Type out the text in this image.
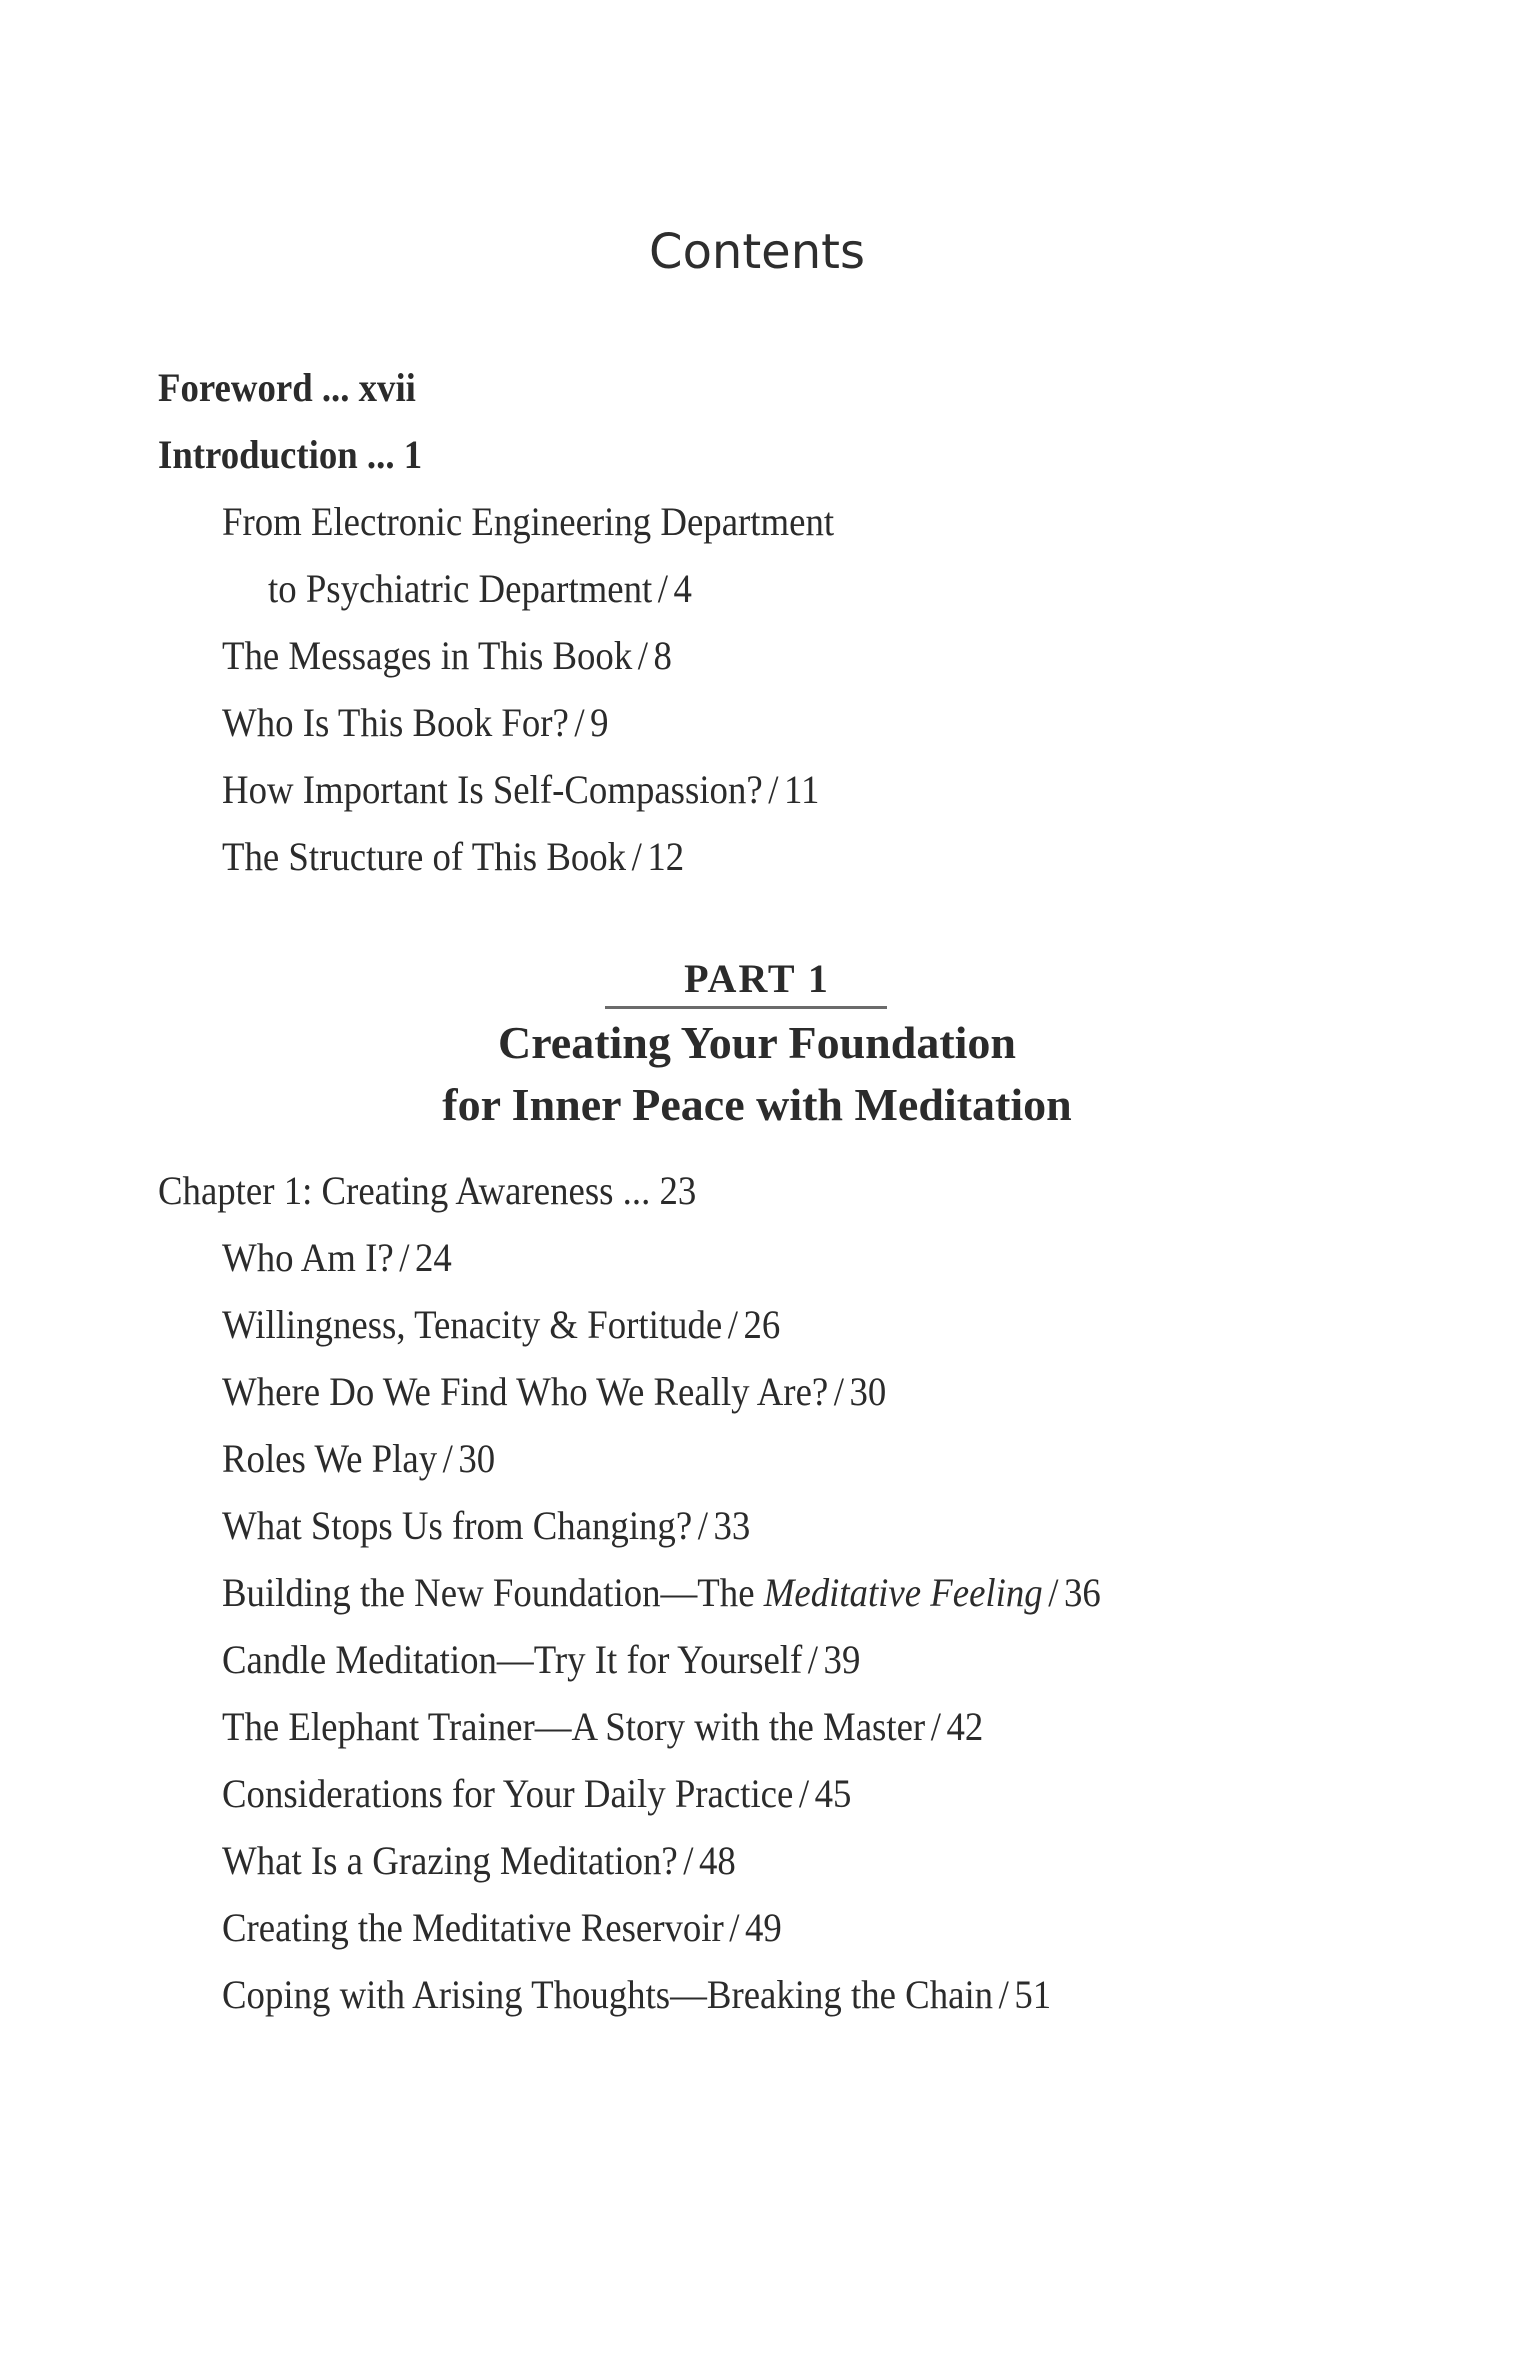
Contents
Foreword ... xvii
Introduction ... 1
From Electronic Engineering Department
to Psychiatric Department / 4
The Messages in This Book / 8
Who Is This Book For? / 9
How Important Is Self-Compassion? / 11
The Structure of This Book / 12
PART 1
Creating Your Foundation
for Inner Peace with Meditation
Chapter 1: Creating Awareness ... 23
Who Am I? / 24
Willingness, Tenacity & Fortitude / 26
Where Do We Find Who We Really Are? / 30
Roles We Play / 30
What Stops Us from Changing? / 33
Building the New Foundation—The Meditative Feeling / 36
Candle Meditation—Try It for Yourself / 39
The Elephant Trainer—A Story with the Master / 42
Considerations for Your Daily Practice / 45
What Is a Grazing Meditation? / 48
Creating the Meditative Reservoir / 49
Coping with Arising Thoughts—Breaking the Chain / 51
